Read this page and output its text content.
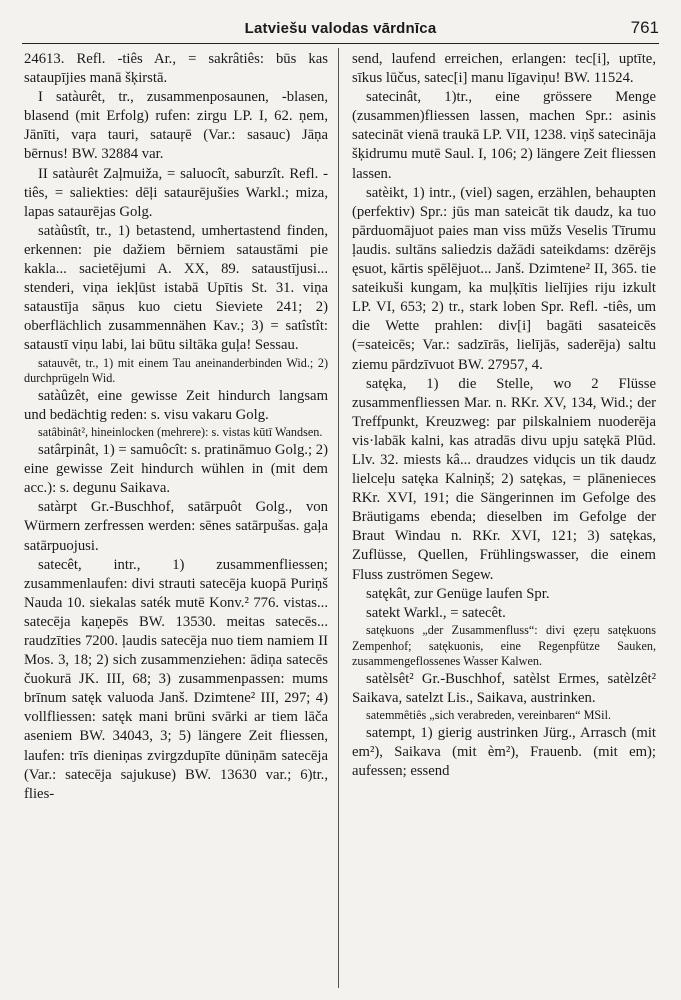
Latviešu valodas vārdnīca	761

24613. Refl. -tiês Ar., = sakrâtiês: būs kas sataupījies manā šķirstā.

I satàurêt, tr., zusammenposaunen, -blasen, blasend (mit Erfolg) rufen: zirgu LP. I, 62. ņem, Jānīti, vaŗa tauri, satauŗē (Var.: sasauc) Jāņa bērnus! BW. 32884 var.

II satàurêt Zaļmuiža, = saluocît, saburzît. Refl. -tiês, = saliekties: dēļi sataurējušies Warkl.; miza, lapas sataurējas Golg.

satàûstît, tr., 1) betastend, umhertastend finden, erkennen: pie dažiem bērniem sataustāmi pie kakla... sacietējumi A. XX, 89. sataustīјusi... stenderi, viņa iekļūst istabā Upītis St. 31. viņa sataustīja sāņus kuo cietu Sieviete 241; 2) oberflächlich zusammennähen Kav.; 3) = satîstît: sataustī viņu labi, lai būtu siltāka guļa! Sessau.

satauvêt, tr., 1) mit einem Tau aneinanderbinden Wid.; 2) durchprügeln Wid.

satàûzêt, eine gewisse Zeit hindurch langsam und bedächtig reden: s. visu vakaru Golg.

satâbinât², hineinlocken (mehrere): s. vistas kūtī Wandsen.

satârpinât, 1) = samuôcît: s. pratināmuo Golg.; 2) eine gewisse Zeit hindurch wühlen in (mit dem acc.): s. degunu Saikava.

satàrpt Gr.-Buschhof, satārpuôt Golg., von Würmern zerfressen werden: sēnes satārpušas. gaļa satārpuojusi.

satecêt, intr., 1) zusammenfliessen; zusammenlaufen: divi strauti satecēja kuopā Puriņš Nauda 10. siekalas saték mutē Konv.² 776. vistas... satecēja kaņepēs BW. 13530. meitas satecēs... raudzīties 7200. ļaudis satecēja nuo tiem namiem II Mos. 3, 18; 2) sich zusammenziehen: ādiņa satecēs čuokurā JK. III, 68; 3) zusammenpassen: mums brīnum satęk valuoda Janš. Dzimtene² III, 297; 4) vollfliessen: satęk mani brūni svārki ar tiem lāča aseniem BW. 34043, 3; 5) längere Zeit fliessen, laufen: trīs dieniņas zvirgzdupīte dūniņām satecēja (Var.: satecēja sajukuse) BW. 13630 var.; 6)tr., flies-

send, laufend erreichen, erlangen: tec[i], uptīte, sīkus lūčus, satec[i] manu līgaviņu! BW. 11524.

satecinât, 1)tr., eine grössere Menge (zusammen)fliessen lassen, machen Spr.: asinis satecināt vienā traukā LP. VII, 1238. viņš satecināja šķidrumu mutē Saul. I, 106; 2) längere Zeit fliessen lassen.

satèikt, 1) intr., (viel) sagen, erzählen, behaupten (perfektiv) Spr.: jūs man sateicāt tik daudz, ka tuo pārduomājuot paies man viss mūžs Veselis Tīrumu ļaudis. sultāns saliedzis dažādi sateikdams: dzērējs ęsuot, kārtis spēlējuot... Janš. Dzimtene² II, 365. tie sateikuši kungam, ka muļķītis lielījies riju izkult LP. VI, 653; 2) tr., stark loben Spr. Refl. -tiês, um die Wette prahlen: div[i] bagāti sasateicēs (=sateicēs; Var.: sadzīrās, lielījās, saderēja) saltu ziemu pārdzīvuot BW. 27957, 4.

satęka, 1) die Stelle, wo 2 Flüsse zusammenfliessen Mar. n. RKr. XV, 134, Wid.; der Treffpunkt, Kreuzweg: par pilskalniem nuoderēja vis·labāk kalni, kas atradās divu upju satękā Plūd. Llv. 32. miests kâ... draudzes vidųcis un tik daudz lielceļu satęka Kalniņš; 2) satękas, = plānenieces RKr. XVI, 191; die Sängerinnen im Gefolge des Bräutigams ebenda; dieselben im Gefolge der Braut Windau n. RKr. XVI, 121; 3) satękas, Zuflüsse, Quellen, Frühlingswasser, die einem Fluss zuströmen Segew.

satękât, zur Genüge laufen Spr.

satekt Warkl., = satecêt.

satękuons „der Zusammenfluss“: divi ęzeŗu satękuons Zempenhof; satękuonis, eine Regenpfütze Sauken, zusammengeflossenes Wasser Kalwen.

satèlsêt² Gr.-Buschhof, satèlst Ermes, satèlzêt² Saikava, satelzt Lis., Saikava, austrinken.

satemmêtiês „sich verabreden, vereinbaren“ MSil.

satempt, 1) gierig austrinken Jürg., Arrasch (mit em²), Saikava (mit èm²), Frauenb. (mit em); aufessen; essend
